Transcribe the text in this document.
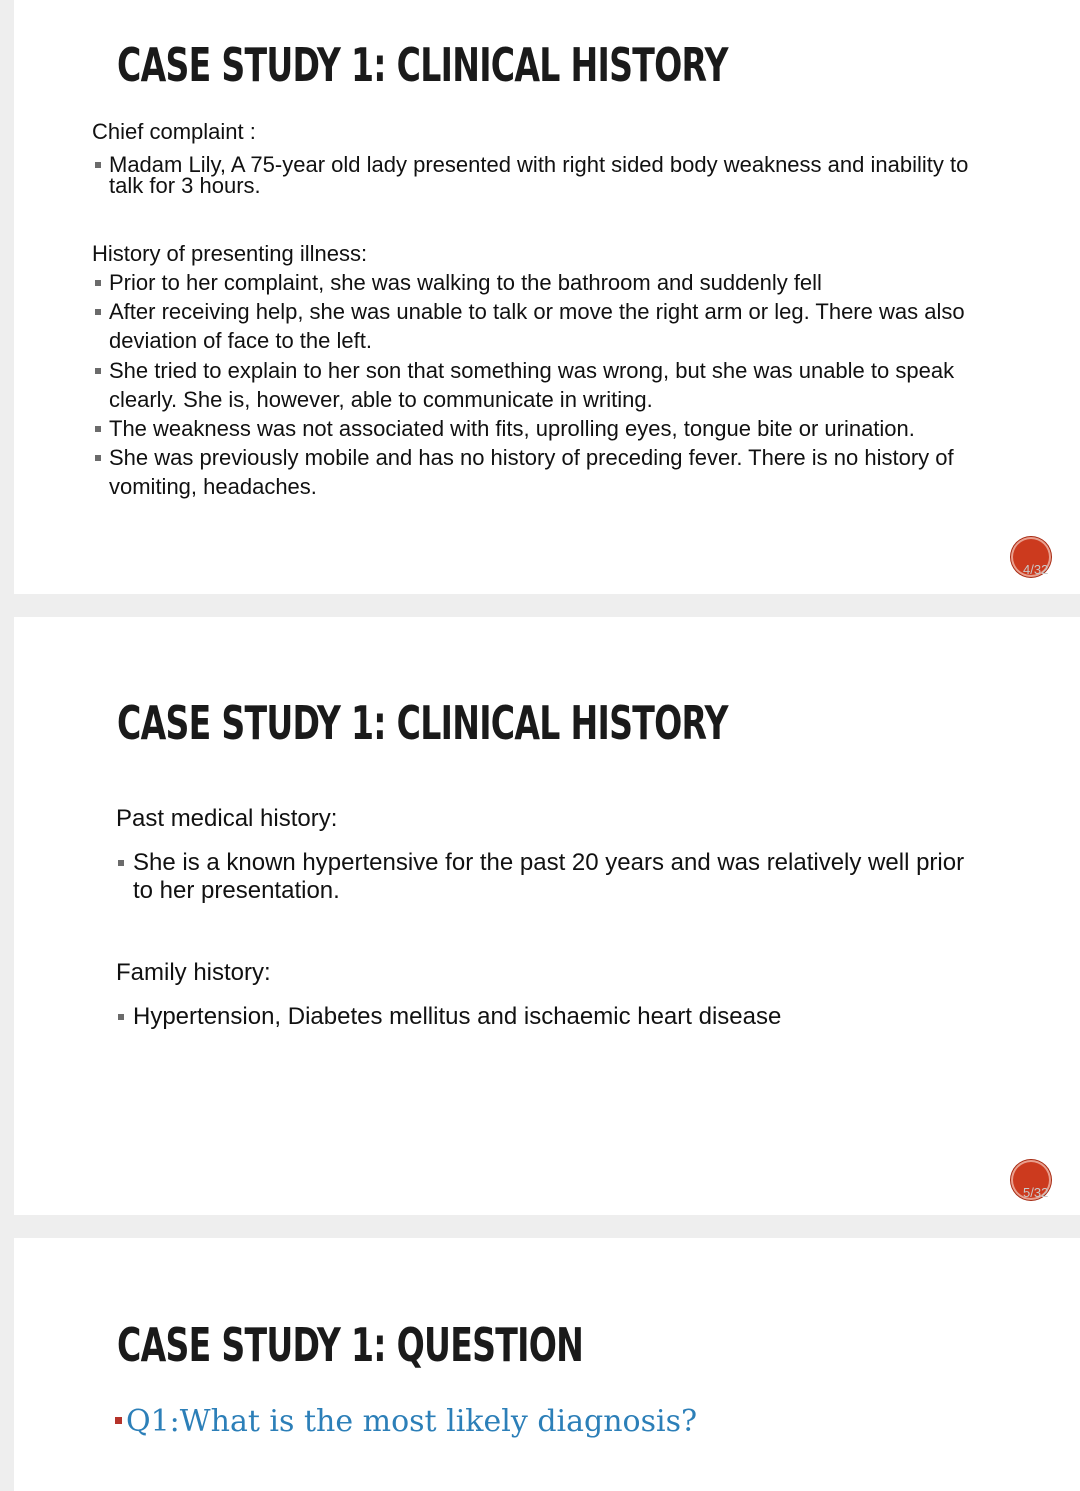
CASE STUDY 1: CLINICAL HISTORY

Chief complaint :

Madam Lily, A 75-year old lady presented with right sided body weakness and inability to talk for 3 hours.

History of presenting illness:

Prior to her complaint, she was walking to the bathroom and suddenly fell
After receiving help, she was unable to talk or move the right arm or leg. There was also deviation of face to the left.
She tried to explain to her son that something was wrong, but she was unable to speak clearly. She is, however, able to communicate in writing.
The weakness was not associated with fits, uprolling eyes, tongue bite or urination.
She was previously mobile and has no history of preceding fever. There is no history of vomiting, headaches.
4/32
CASE STUDY 1: CLINICAL HISTORY

Past medical history:

She is a known hypertensive for the past 20 years and was relatively well prior to her presentation.

Family history:

Hypertension, Diabetes mellitus and ischaemic heart disease
5/32
CASE STUDY 1: QUESTION

Q1:What is the most likely diagnosis?
